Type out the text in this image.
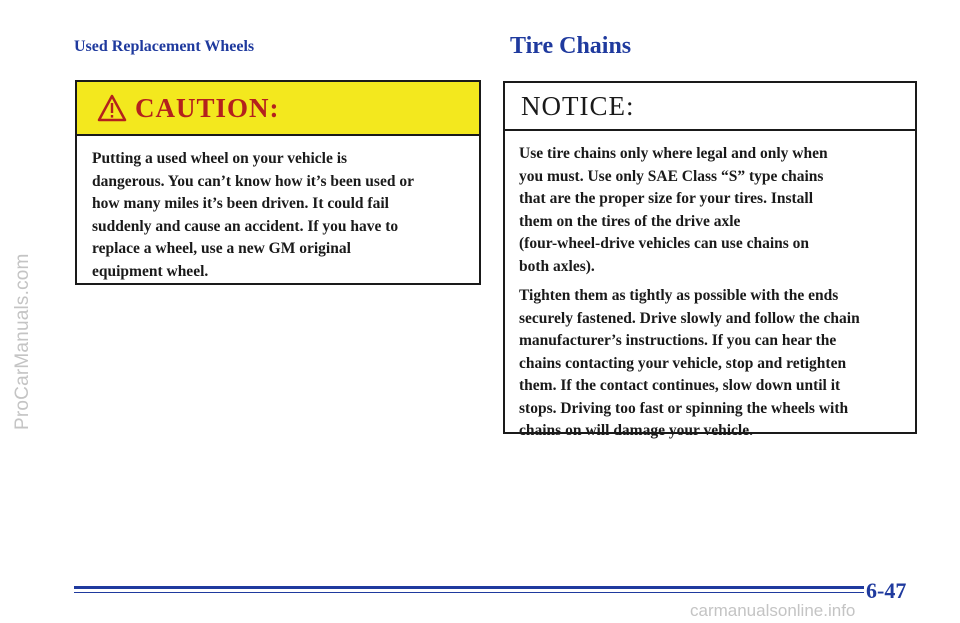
ProCarManuals.com
Used Replacement Wheels	Tire Chains
CAUTION:
Putting a used wheel on your vehicle is
dangerous. You can’t know how it’s been used or
how many miles it’s been driven. It could fail
suddenly and cause an accident. If you have to
replace a wheel, use a new GM original
equipment wheel.
NOTICE:

Use tire chains only where legal and only when
you must. Use only SAE Class “S” type chains
that are the proper size for your tires. Install
them on the tires of the drive axle
(four-wheel-drive vehicles can use chains on
both axles).

Tighten them as tightly as possible with the ends
securely fastened. Drive slowly and follow the chain
manufacturer’s instructions. If you can hear the
chains contacting your vehicle, stop and retighten
them. If the contact continues, slow down until it
stops. Driving too fast or spinning the wheels with
chains on will damage your vehicle.

6-47
carmanualsonline.info
